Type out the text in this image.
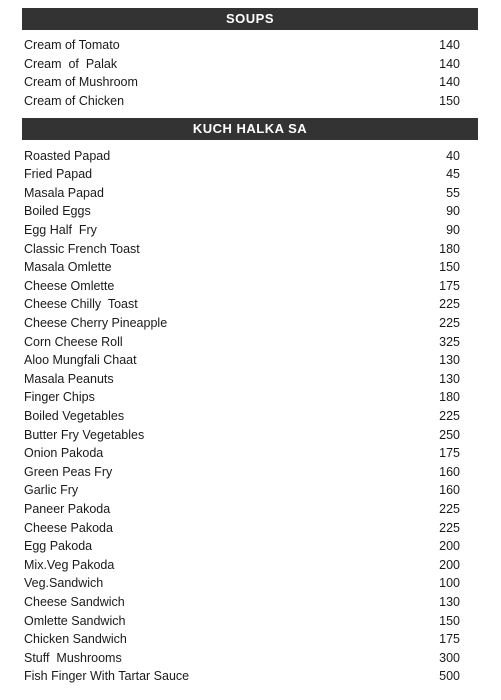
SOUPS
Cream of Tomato	140
Cream  of  Palak	140
Cream of Mushroom	140
Cream of Chicken	150
KUCH HALKA SA
Roasted Papad	40
Fried Papad	45
Masala Papad	55
Boiled Eggs	90
Egg Half  Fry	90
Classic French Toast	180
Masala Omlette	150
Cheese Omlette	175
Cheese Chilly  Toast	225
Cheese Cherry Pineapple	225
Corn Cheese Roll	325
Aloo Mungfali Chaat	130
Masala Peanuts	130
Finger Chips	180
Boiled Vegetables	225
Butter Fry Vegetables	250
Onion Pakoda	175
Green Peas Fry	160
Garlic Fry	160
Paneer Pakoda	225
Cheese Pakoda	225
Egg Pakoda	200
Mix.Veg Pakoda	200
Veg.Sandwich	100
Cheese Sandwich	130
Omlette Sandwich	150
Chicken Sandwich	175
Stuff  Mushrooms	300
Fish Finger With Tartar Sauce	500
